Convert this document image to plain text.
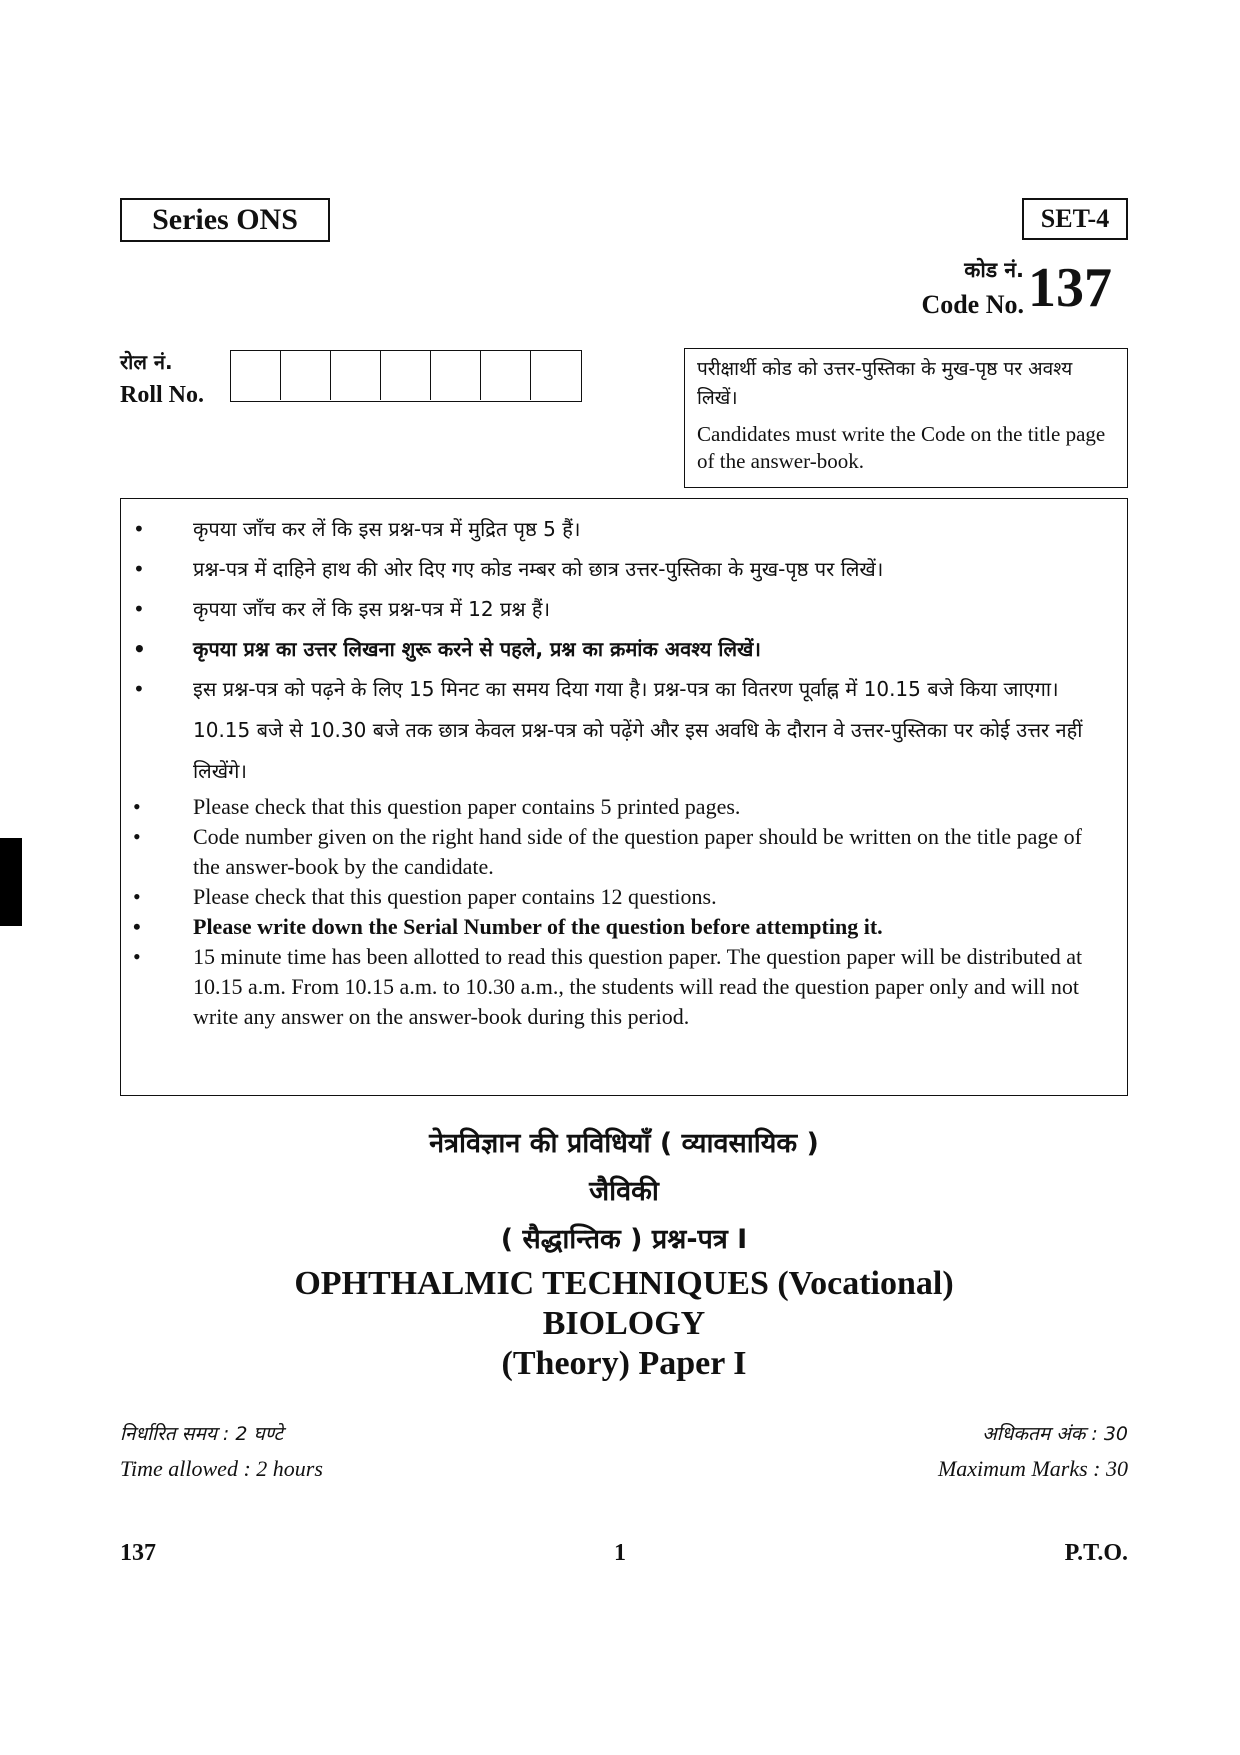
Series ONS	SET-4
कोड नं.
Code No. 137
रोल नं.
Roll No.
परीक्षार्थी कोड को उत्तर-पुस्तिका के मुख-पृष्ठ पर अवश्य लिखें।
Candidates must write the Code on the title page of the answer-book.
• कृपया जाँच कर लें कि इस प्रश्न-पत्र में मुद्रित पृष्ठ 5 हैं।
• प्रश्न-पत्र में दाहिने हाथ की ओर दिए गए कोड नम्बर को छात्र उत्तर-पुस्तिका के मुख-पृष्ठ पर लिखें।
• कृपया जाँच कर लें कि इस प्रश्न-पत्र में 12 प्रश्न हैं।
• कृपया प्रश्न का उत्तर लिखना शुरू करने से पहले, प्रश्न का क्रमांक अवश्य लिखें।
• इस प्रश्न-पत्र को पढ़ने के लिए 15 मिनट का समय दिया गया है। प्रश्न-पत्र का वितरण पूर्वाह्न में 10.15 बजे किया जाएगा। 10.15 बजे से 10.30 बजे तक छात्र केवल प्रश्न-पत्र को पढ़ेंगे और इस अवधि के दौरान वे उत्तर-पुस्तिका पर कोई उत्तर नहीं लिखेंगे।
• Please check that this question paper contains 5 printed pages.
• Code number given on the right hand side of the question paper should be written on the title page of the answer-book by the candidate.
• Please check that this question paper contains 12 questions.
• Please write down the Serial Number of the question before attempting it.
• 15 minute time has been allotted to read this question paper. The question paper will be distributed at 10.15 a.m. From 10.15 a.m. to 10.30 a.m., the students will read the question paper only and will not write any answer on the answer-book during this period.
नेत्रविज्ञान की प्रविधियाँ ( व्यावसायिक )
जैविकी
( सैद्धान्तिक ) प्रश्न-पत्र I
OPHTHALMIC TECHNIQUES (Vocational)
BIOLOGY
(Theory) Paper I
निर्धारित समय : 2 घण्टे
Time allowed : 2 hours
अधिकतम अंक : 30
Maximum Marks : 30
137	1	P.T.O.
